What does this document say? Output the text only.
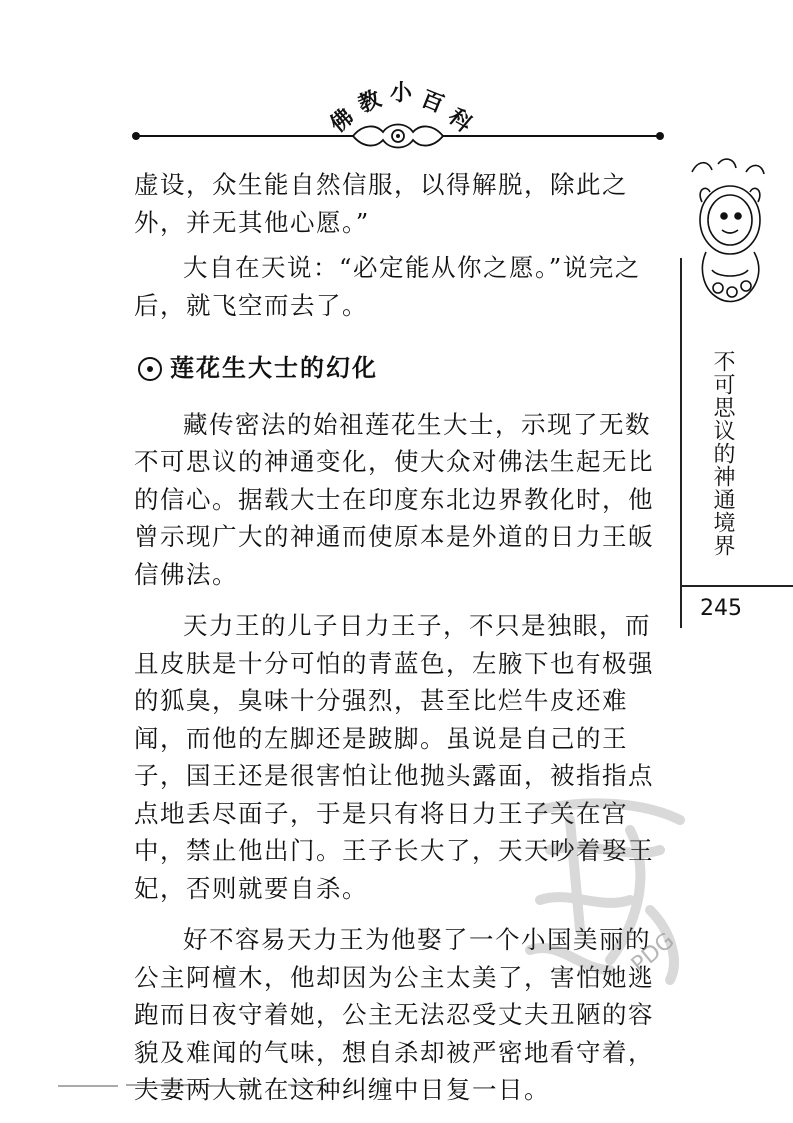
佛
教 小 百
科

虚设，众生能自然信服，以得解脱，除此之外，并无其他心愿。”

大自在天说：“必定能从你之愿。”说完之后，就飞空而去了。

莲花生大士的幻化

藏传密法的始祖莲花生大士，示现了无数不可思议的神通变化，使大众对佛法生起无比的信心。据载大士在印度东北边界教化时，他曾示现广大的神通而使原本是外道的日力王皈信佛法。

天力王的儿子日力王子，不只是独眼，而且皮肤是十分可怕的青蓝色，左腋下也有极强的狐臭，臭味十分强烈，甚至比烂牛皮还难闻，而他的左脚还是跛脚。虽说是自己的王子，国王还是很害怕让他抛头露面，被指指点点地丢尽面子，于是只有将日力王子关在宫中，禁止他出门。王子长大了，天天吵着娶王妃，否则就要自杀。

好不容易天力王为他娶了一个小国美丽的公主阿檀木，他却因为公主太美了，害怕她逃跑而日夜守着她，公主无法忍受丈夫丑陋的容貌及难闻的气味，想自杀却被严密地看守着，夫妻两人就在这种纠缠中日复一日。

不可思议的神通境界
245
PDG
